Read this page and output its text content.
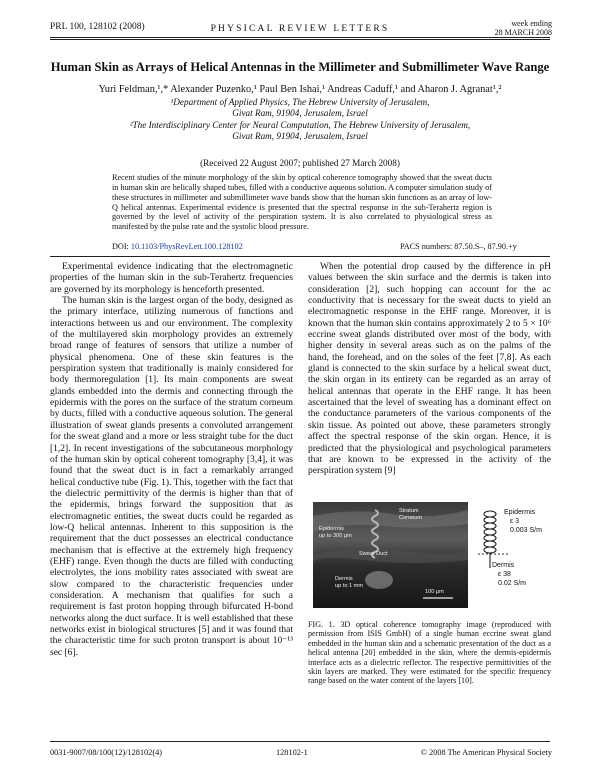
PRL 100, 128102 (2008)	PHYSICAL REVIEW LETTERS
week ending
28 MARCH 2008
Human Skin as Arrays of Helical Antennas in the Millimeter and Submillimeter Wave Range
Yuri Feldman,¹,* Alexander Puzenko,¹ Paul Ben Ishai,¹ Andreas Caduff,¹ and Aharon J. Agranat¹,²
¹Department of Applied Physics, The Hebrew University of Jerusalem,
Givat Ram, 91904, Jerusalem, Israel
²The Interdisciplinary Center for Neural Computation, The Hebrew University of Jerusalem,
Givat Ram, 91904, Jerusalem, Israel
(Received 22 August 2007; published 27 March 2008)
Recent studies of the minute morphology of the skin by optical coherence tomography showed that the sweat ducts in human skin are helically shaped tubes, filled with a conductive aqueous solution. A computer simulation study of these structures in millimeter and submillimeter wave bands show that the human skin functions as an array of low-Q helical antennas. Experimental evidence is presented that the spectral response in the sub-Terahertz region is governed by the level of activity of the perspiration system. It is also correlated to physiological stress as manifested by the pulse rate and the systolic blood pressure.
DOI: 10.1103/PhysRevLett.100.128102	PACS numbers: 87.50.S–, 87.90.+y

Experimental evidence indicating that the electromagnetic properties of the human skin in the sub-Terahertz frequencies are governed by its morphology is henceforth presented.

The human skin is the largest organ of the body, designed as the primary interface, utilizing numerous of functions and interactions between us and our environment. The complexity of the multilayered skin morphology provides an extremely broad range of features of sensors that utilize a number of physical phenomena. One of these skin features is the perspiration system that traditionally is mainly considered for body thermoregulation [1]. Its main components are sweat glands embedded into the dermis and connecting through the epidermis with the pores on the surface of the stratum corneum by ducts, filled with a conductive aqueous solution. The general illustration of sweat glands presents a convoluted arrangement for the sweat gland and a more or less straight tube for the duct [1,2]. In recent investigations of the subcutaneous morphology of the human skin by optical coherent tomography [3,4], it was found that the sweat duct is in fact a remarkably arranged helical conductive tube (Fig. 1). This, together with the fact that the dielectric permittivity of the dermis is higher than that of the epidermis, brings forward the supposition that as electromagnetic entities, the sweat ducts could be regarded as low-Q helical antennas. Inherent to this supposition is the requirement that the duct possesses an electrical conductance mechanism that is effective at the extremely high frequency (EHF) range. Even though the ducts are filled with conducting electrolytes, the ions mobility rates associated with sweat are slow compared to the characteristic frequencies under consideration. A mechanism that qualifies for such a requirement is fast proton hopping through bifurcated H-bond networks along the duct surface. It is well established that these networks exist in biological structures [5] and it was found that the characteristic time for such proton transport is about 10⁻¹³ sec [6].

When the potential drop caused by the difference in pH values between the skin surface and the dermis is taken into consideration [2], such hopping can account for the ac conductivity that is necessary for the sweat ducts to yield an electromagnetic response in the EHF range. Moreover, it is known that the human skin contains approximately 2 to 5 × 10⁶ eccrine sweat glands distributed over most of the body, with higher density in several areas such as on the palms of the hand, the forehead, and on the soles of the feet [7,8]. As each gland is connected to the skin surface by a helical sweat duct, the skin organ in its entirety can be regarded as an array of helical antennas that operate in the EHF range. It has been ascertained that the level of sweating has a dominant effect on the conductance parameters of the various components of the skin tissue. As pointed out above, these parameters strongly affect the spectral response of the skin organ. Hence, it is predicted that the physiological and psychological parameters that are known to be expressed in the activity of the perspiration system [9]

Stratum
Corneum
Epidermis
up to 300 μm
Sweat Duct
Dermis
up to 1 mm
100 μm
Epidermis
ε 3
0.003 S/m
Dermis
ε 38
0.02 S/m
FIG. 1. 3D optical coherence tomography image (reproduced with permission from ISIS GmbH) of a single human eccrine sweat gland embedded in the human skin and a schematic presentation of the duct as a helical antenna [20] embedded in the skin, where the dermis-epidermis interface acts as a dielectric reflector. The respective permittivities of the skin layers are marked. They were estimated for the specific frequency range based on the water content of the layers [10].
0031-9007/08/100(12)/128102(4)	128102-1	© 2008 The American Physical Society
